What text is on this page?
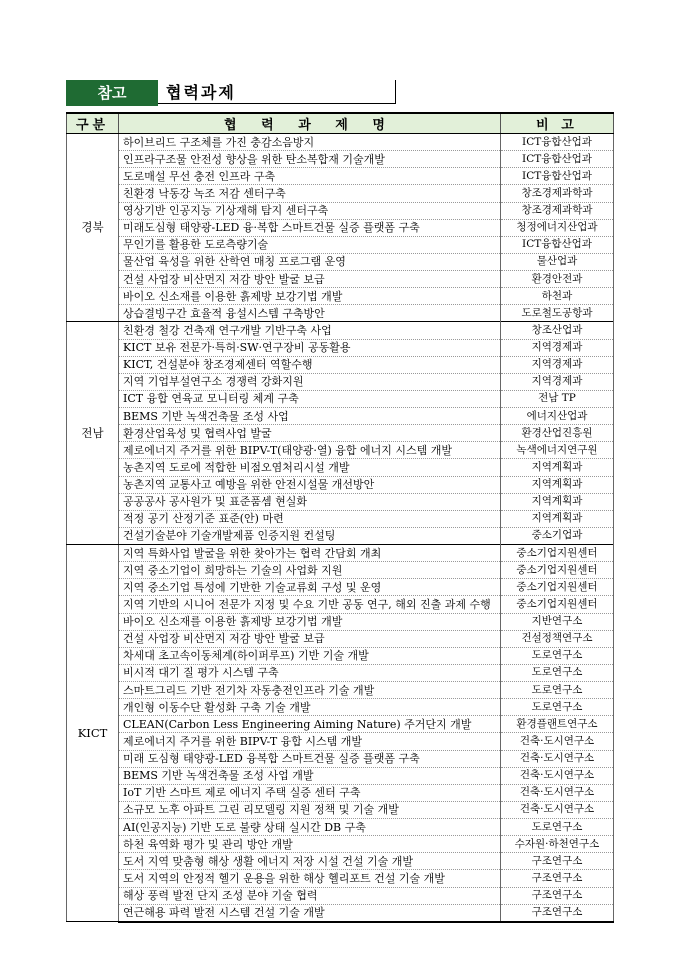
참고	협력과제
구분	협 력 과 제 명	비 고
경북	하이브리드 구조체를 가진 충감소음방지	ICT융합산업과
	인프라구조물 안전성 향상을 위한 탄소복합재 기술개발	ICT융합산업과
	도로매설 무선 충전 인프라 구축	ICT융합산업과
	친환경 낙동강 녹조 저감 센터구축	창조경제과학과
	영상기반 인공지능 기상재해 탐지 센터구축	창조경제과학과
	미래도심형 태양광-LED 융·복합 스마트건물 실증 플랫폼 구축	청정에너지산업과
	무인기를 활용한 도로측량기술	ICT융합산업과
	물산업 육성을 위한 산학연 매칭 프로그램 운영	물산업과
	건설 사업장 비산먼지 저감 방안 발굴 보급	환경안전과
	바이오 신소재를 이용한 흙제방 보강기법 개발	하천과
	상습결빙구간 효율적 융설시스템 구축방안	도로철도공항과
전남	친환경 철강 건축재 연구개발 기반구축 사업	창조산업과
	KICT 보유 전문가·특허·SW·연구장비 공동활용	지역경제과
	KICT, 건설분야 창조경제센터 역할수행	지역경제과
	지역 기업부설연구소 경쟁력 강화지원	지역경제과
	ICT 융합 연육교 모니터링 체계 구축	전남 TP
	BEMS 기반 녹색건축물 조성 사업	에너지산업과
	환경산업육성 및 협력사업 발굴	환경산업진흥원
	제로에너지 주거를 위한 BIPV-T(태양광·열) 융합 에너지 시스템 개발	녹색에너지연구원
	농촌지역 도로에 적합한 비점오염처리시설 개발	지역계획과
	농촌지역 교통사고 예방을 위한 안전시설물 개선방안	지역계획과
	공공공사 공사원가 및 표준품셈 현실화	지역계획과
	적정 공기 산정기준 표준(안) 마련	지역계획과
	건설기술분야 기술개발제품 인증지원 컨설팅	중소기업과
KICT	지역 특화사업 발굴을 위한 찾아가는 협력 간담회 개최	중소기업지원센터
	지역 중소기업이 희망하는 기술의 사업화 지원	중소기업지원센터
	지역 중소기업 특성에 기반한 기술교류회 구성 및 운영	중소기업지원센터
	지역 기반의 시니어 전문가 지정 및 수요 기반 공동 연구, 해외 진출 과제 수행	중소기업지원센터
	바이오 신소재를 이용한 흙제방 보강기법 개발	지반연구소
	건설 사업장 비산먼지 저감 방안 발굴 보급	건설정책연구소
	차세대 초고속이동체계(하이퍼루프) 기반 기술 개발	도로연구소
	비시적 대기 질 평가 시스템 구축	도로연구소
	스마트그리드 기반 전기차 자동충전인프라 기술 개발	도로연구소
	개인형 이동수단 활성화 구축 기술 개발	도로연구소
	CLEAN(Carbon Less Engineering Aiming Nature) 주거단지 개발	환경플랜트연구소
	제로에너지 주거를 위한 BIPV-T 융합 시스템 개발	건축·도시연구소
	미래 도심형 태양광-LED 융복합 스마트건물 실증 플랫폼 구축	건축·도시연구소
	BEMS 기반 녹색건축물 조성 사업 개발	건축·도시연구소
	IoT 기반 스마트 제로 에너지 주택 실증 센터 구축	건축·도시연구소
	소규모 노후 아파트 그린 리모델링 지원 정책 및 기술 개발	건축·도시연구소
	AI(인공지능) 기반 도로 불량 상태 실시간 DB 구축	도로연구소
	하천 육역화 평가 및 관리 방안 개발	수자원·하천연구소
	도서 지역 맞춤형 해상 생활 에너지 저장 시설 건설 기술 개발	구조연구소
	도서 지역의 안정적 헬기 운용을 위한 해상 헬리포트 건설 기술 개발	구조연구소
	해상 풍력 발전 단지 조성 분야 기술 협력	구조연구소
	연근해용 파력 발전 시스템 건설 기술 개발	구조연구소
